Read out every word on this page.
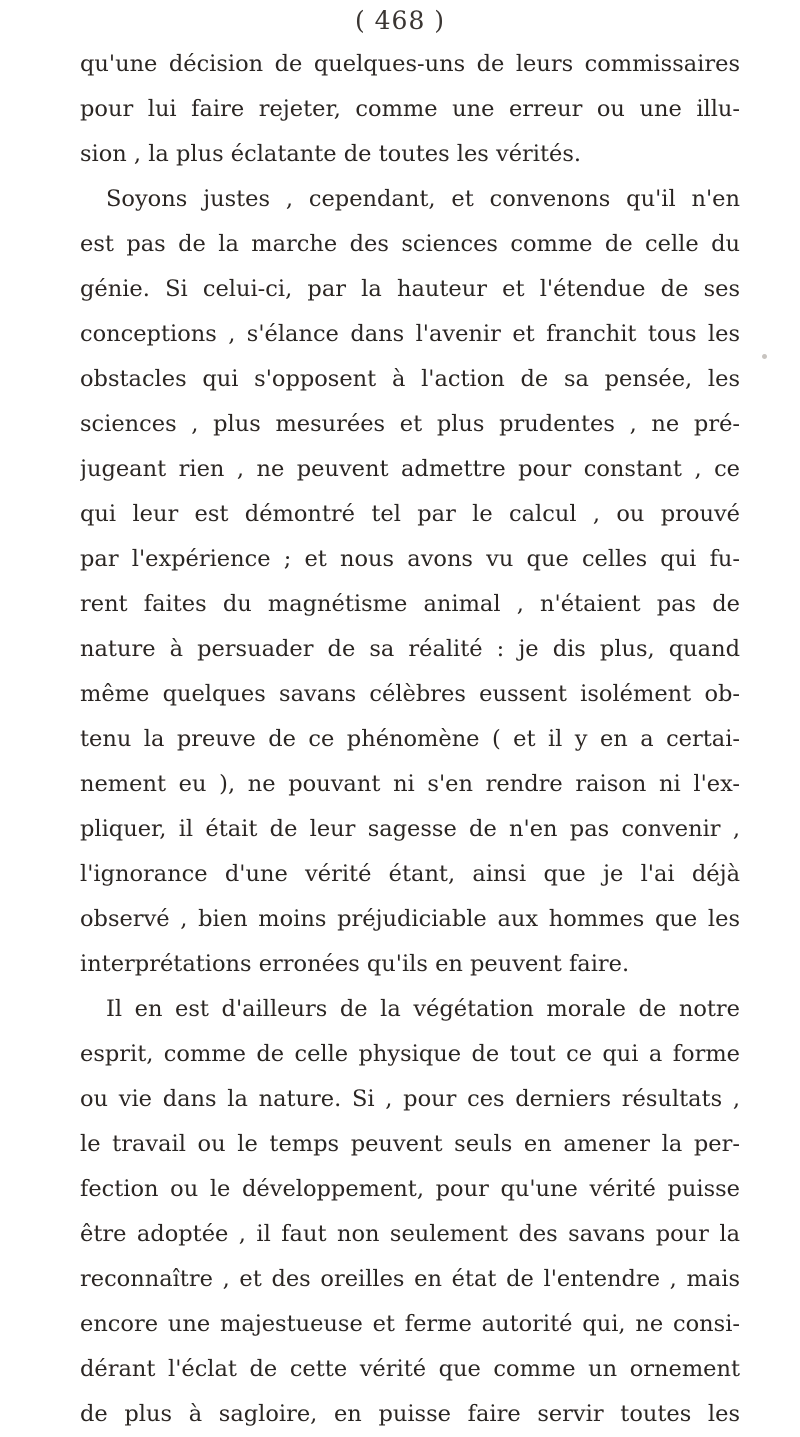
( 468 )
qu'une décision de quelques-uns de leurs commissaires
pour lui faire rejeter, comme une erreur ou une illu-
sion , la plus éclatante de toutes les vérités.
Soyons justes , cependant, et convenons qu'il n'en
est pas de la marche des sciences comme de celle du
génie. Si celui-ci, par la hauteur et l'étendue de ses
conceptions , s'élance dans l'avenir et franchit tous les
obstacles qui s'opposent à l'action de sa pensée, les
sciences , plus mesurées et plus prudentes , ne pré-
jugeant rien , ne peuvent admettre pour constant , ce
qui leur est démontré tel par le calcul , ou prouvé
par l'expérience ; et nous avons vu que celles qui fu-
rent faites du magnétisme animal , n'étaient pas de
nature à persuader de sa réalité : je dis plus, quand
même quelques savans célèbres eussent isolément ob-
tenu la preuve de ce phénomène ( et il y en a certai-
nement eu ), ne pouvant ni s'en rendre raison ni l'ex-
pliquer, il était de leur sagesse de n'en pas convenir ,
l'ignorance d'une vérité étant, ainsi que je l'ai déjà
observé , bien moins préjudiciable aux hommes que les
interprétations erronées qu'ils en peuvent faire.
Il en est d'ailleurs de la végétation morale de notre
esprit, comme de celle physique de tout ce qui a forme
ou vie dans la nature. Si , pour ces derniers résultats ,
le travail ou le temps peuvent seuls en amener la per-
fection ou le développement, pour qu'une vérité puisse
être adoptée , il faut non seulement des savans pour la
reconnaître , et des oreilles en état de l'entendre , mais
encore une majestueuse et ferme autorité qui, ne consi-
dérant l'éclat de cette vérité que comme un ornement
de plus à sagloire, en puisse faire servir toutes les
